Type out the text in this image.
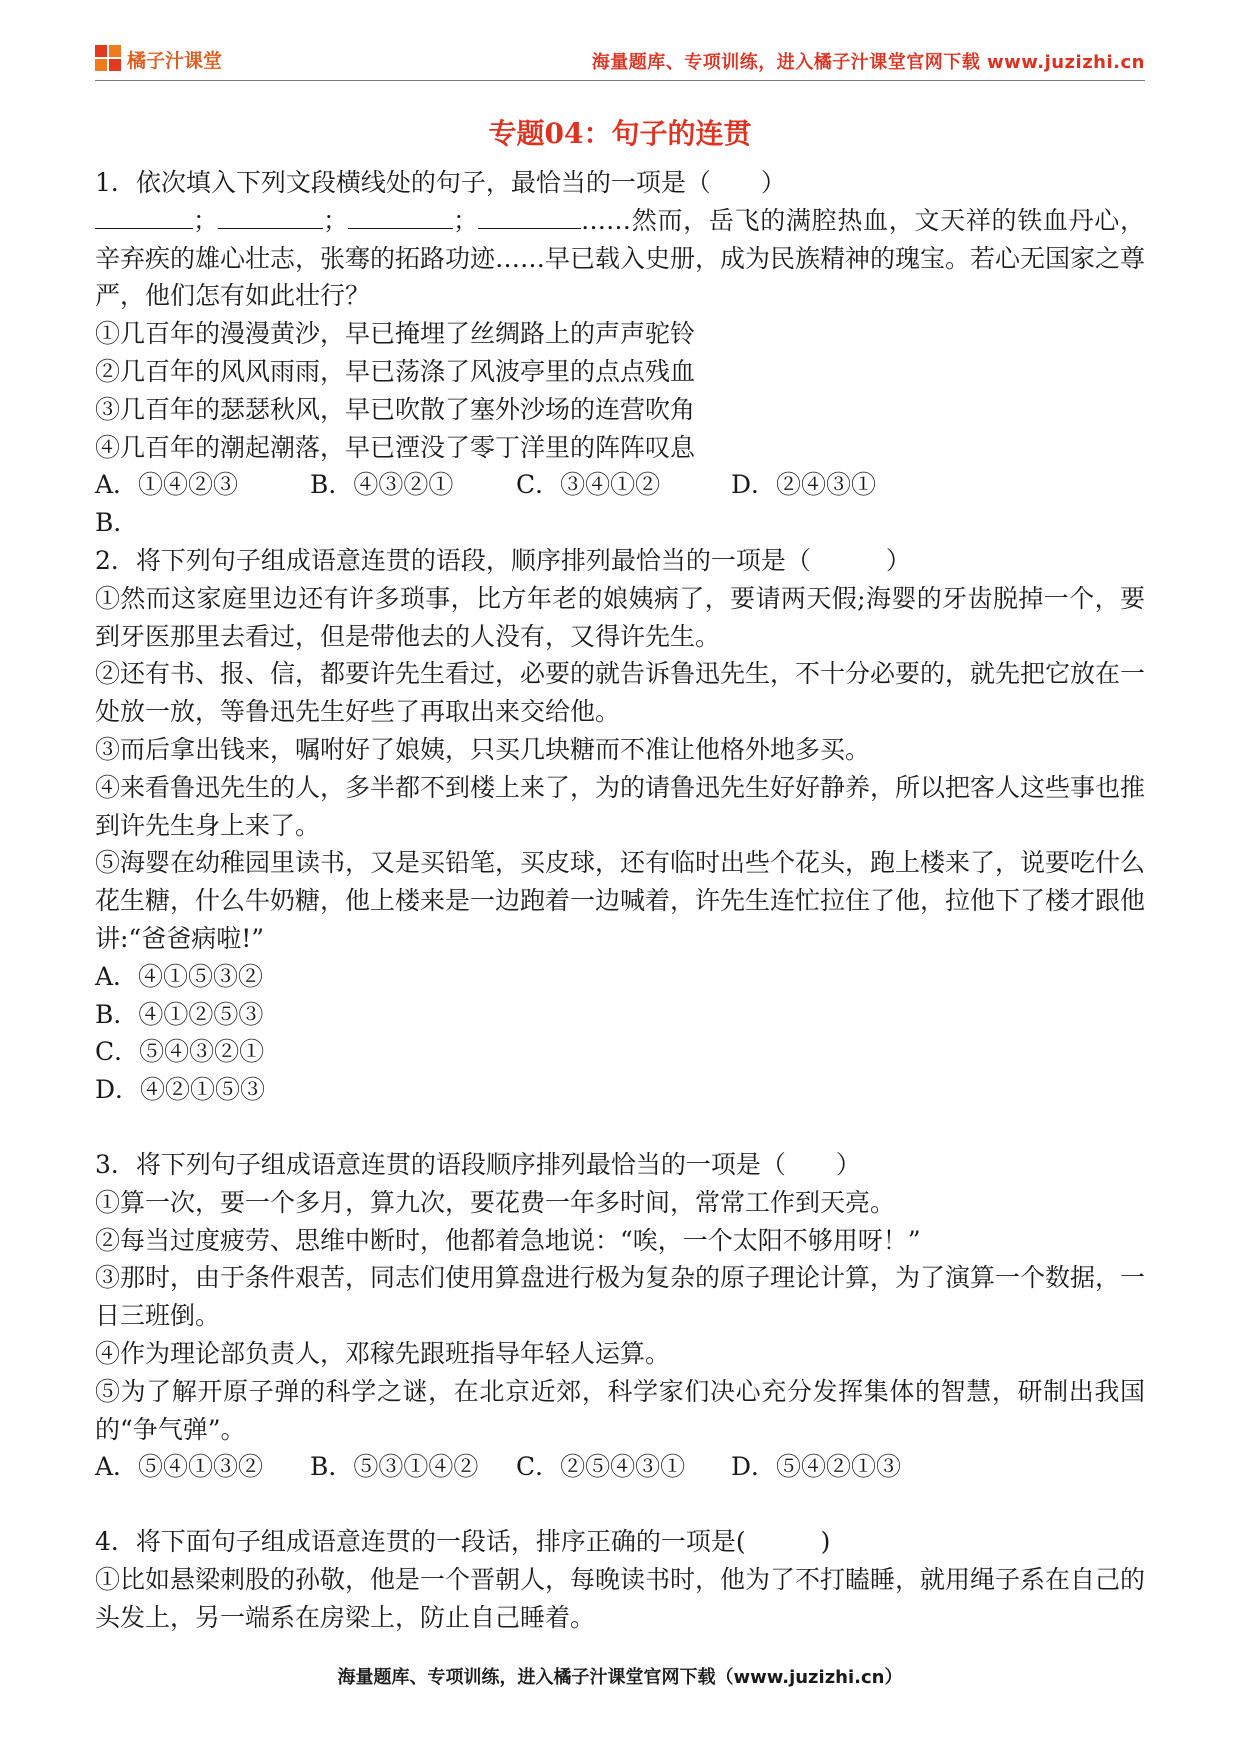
橘子汁课堂	海量题库、专项训练，进入橘子汁课堂官网下载 www.juzizhi.cn
专题04：句子的连贯

1．依次填入下列文段横线处的句子，最恰当的一项是（　　）

；	；	；	……然而，岳飞的满腔热血，文天祥的铁血丹心，辛弃疾的雄心壮志，张骞的拓路功迹……早已载入史册，成为民族精神的瑰宝。若心无国家之尊严，他们怎有如此壮行？

①几百年的漫漫黄沙，早已掩埋了丝绸路上的声声驼铃

②几百年的风风雨雨，早已荡涤了风波亭里的点点残血

③几百年的瑟瑟秋风，早已吹散了塞外沙场的连营吹角

④几百年的潮起潮落，早已湮没了零丁洋里的阵阵叹息

A．①④②③	B．④③②①	C．③④①②	D．②④③①

B．

2．将下列句子组成语意连贯的语段，顺序排列最恰当的一项是（　　　）

①然而这家庭里边还有许多琐事，比方年老的娘姨病了，要请两天假;海婴的牙齿脱掉一个，要到牙医那里去看过，但是带他去的人没有，又得许先生。

②还有书、报、信，都要许先生看过，必要的就告诉鲁迅先生，不十分必要的，就先把它放在一处放一放，等鲁迅先生好些了再取出来交给他。

③而后拿出钱来，嘱咐好了娘姨，只买几块糖而不准让他格外地多买。

④来看鲁迅先生的人，多半都不到楼上来了，为的请鲁迅先生好好静养，所以把客人这些事也推到许先生身上来了。

⑤海婴在幼稚园里读书，又是买铅笔，买皮球，还有临时出些个花头，跑上楼来了，说要吃什么花生糖，什么牛奶糖，他上楼来是一边跑着一边喊着，许先生连忙拉住了他，拉他下了楼才跟他讲:“爸爸病啦!”

A．④①⑤③②

B．④①②⑤③

C．⑤④③②①

D．④②①⑤③

3．将下列句子组成语意连贯的语段顺序排列最恰当的一项是（　　）

①算一次，要一个多月，算九次，要花费一年多时间，常常工作到天亮。

②每当过度疲劳、思维中断时，他都着急地说：“唉，一个太阳不够用呀！”

③那时，由于条件艰苦，同志们使用算盘进行极为复杂的原子理论计算，为了演算一个数据，一日三班倒。

④作为理论部负责人，邓稼先跟班指导年轻人运算。

⑤为了解开原子弹的科学之谜，在北京近郊，科学家们决心充分发挥集体的智慧，研制出我国的“争气弹”。

A．⑤④①③② B．⑤③①④② C．②⑤④③① D．⑤④②①③

4．将下面句子组成语意连贯的一段话，排序正确的一项是(　　　)

①比如悬梁刺股的孙敬，他是一个晋朝人，每晚读书时，他为了不打瞌睡，就用绳子系在自己的头发上，另一端系在房梁上，防止自己睡着。

海量题库、专项训练，进入橘子汁课堂官网下载（www.juzizhi.cn）
